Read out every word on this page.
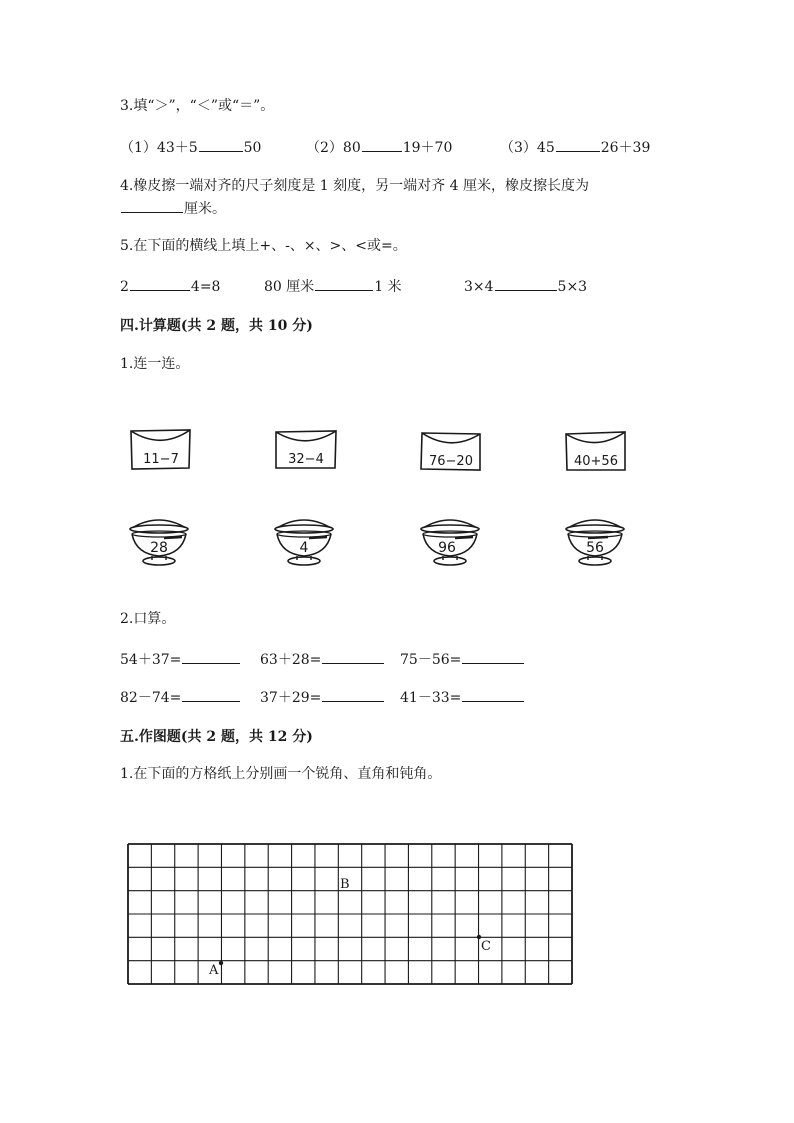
3.填“＞”，“＜”或“＝”。
（1）43＋5	50	（2）80	19＋70	（3）45	26＋39
4.橡皮擦一端对齐的尺子刻度是 1 刻度，另一端对齐 4 厘米，橡皮擦长度为
厘米。
5.在下面的横线上填上+、-、×、>、<或=。
2	4=8	80 厘米	1 米	3×4	5×3
四.计算题(共 2 题，共 10 分)
1.连一连。
11−7	32−4	76−20	40+56
28	4	96	56
2.口算。
54＋37=	63＋28=	75－56=
82－74=	37＋29=	41－33=
五.作图题(共 2 题，共 12 分)
1.在下面的方格纸上分别画一个锐角、直角和钝角。
A
B
C
